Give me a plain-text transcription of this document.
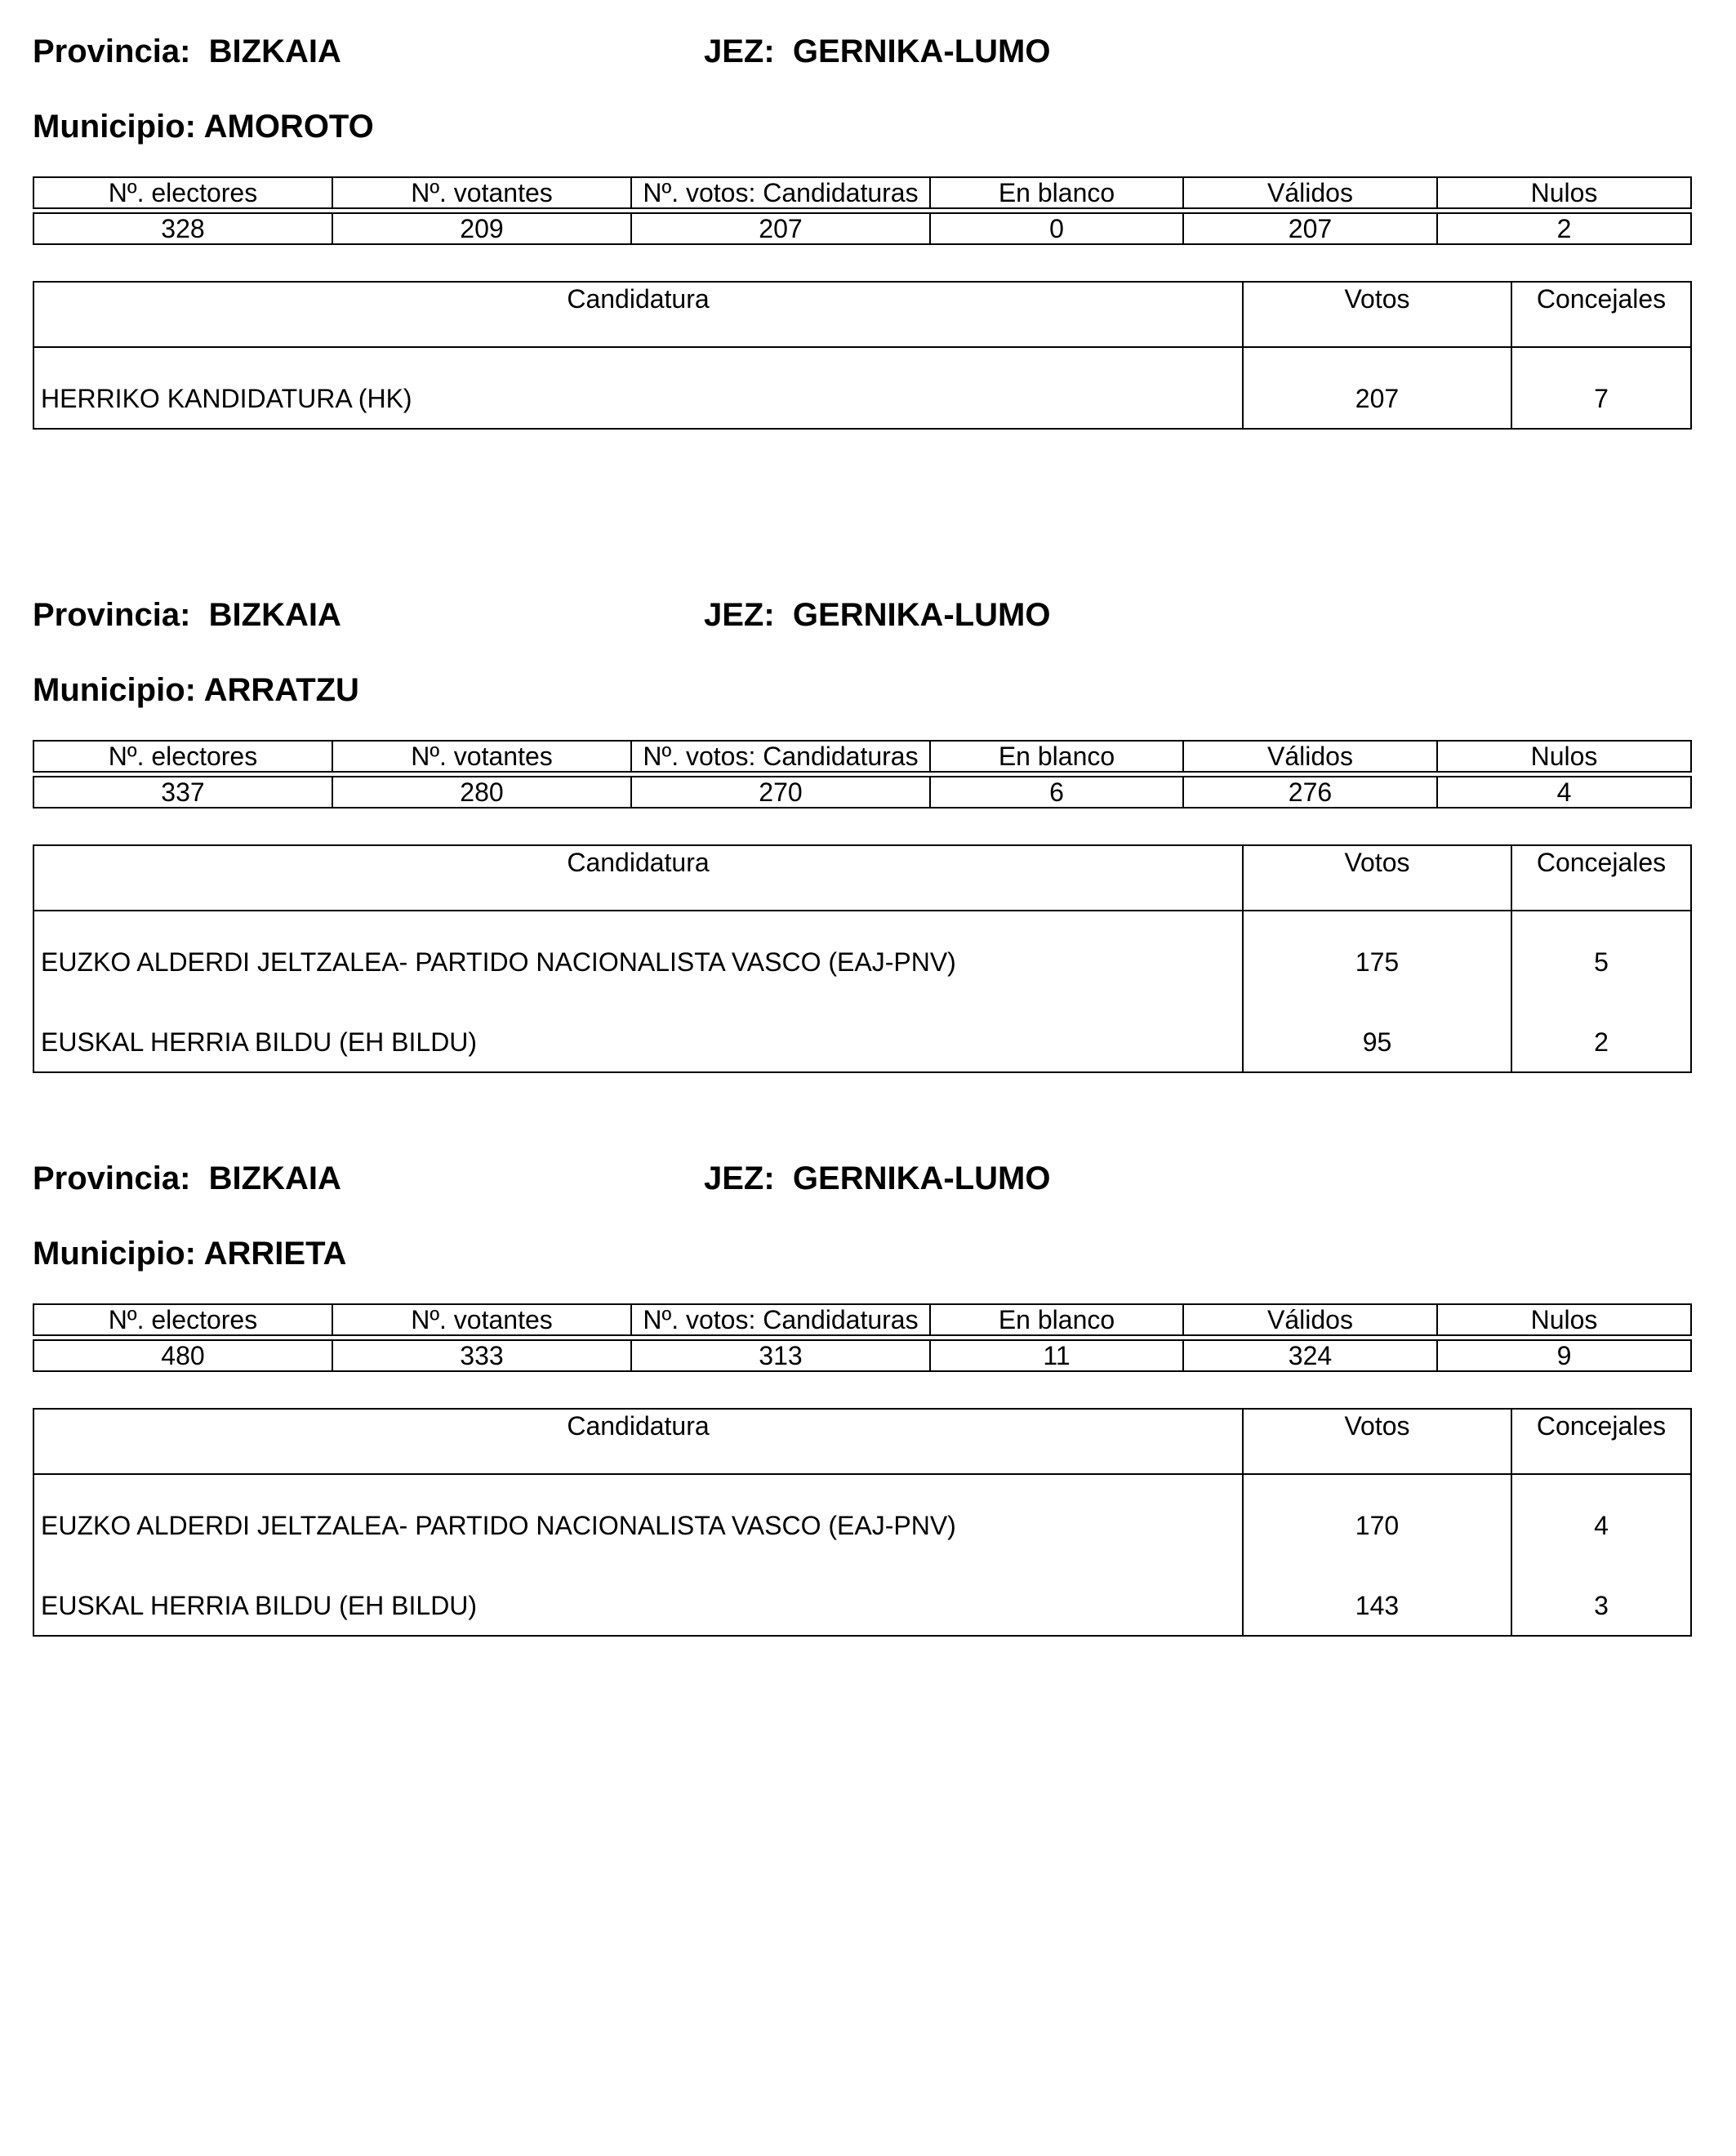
Provincia: BIZKAIA	JEZ: GERNIKA-LUMO
Municipio: AMOROTO
Nº. electores	Nº. votantes	Nº. votos: Candidaturas	En blanco	Válidos	Nulos

328	209	207	0	207	2
Candidatura	Votos	Concejales
HERRIKO KANDIDATURA (HK)	207	7
Provincia: BIZKAIA	JEZ: GERNIKA-LUMO
Municipio: ARRATZU
Nº. electores	Nº. votantes	Nº. votos: Candidaturas	En blanco	Válidos	Nulos

337	280	270	6	276	4
Candidatura	Votos	Concejales
EUZKO ALDERDI JELTZALEA- PARTIDO NACIONALISTA VASCO (EAJ-PNV)	175	5
EUSKAL HERRIA BILDU (EH BILDU)	95	2
Provincia: BIZKAIA	JEZ: GERNIKA-LUMO
Municipio: ARRIETA
Nº. electores	Nº. votantes	Nº. votos: Candidaturas	En blanco	Válidos	Nulos

480	333	313	11	324	9
Candidatura	Votos	Concejales
EUZKO ALDERDI JELTZALEA- PARTIDO NACIONALISTA VASCO (EAJ-PNV)	170	4
EUSKAL HERRIA BILDU (EH BILDU)	143	3
